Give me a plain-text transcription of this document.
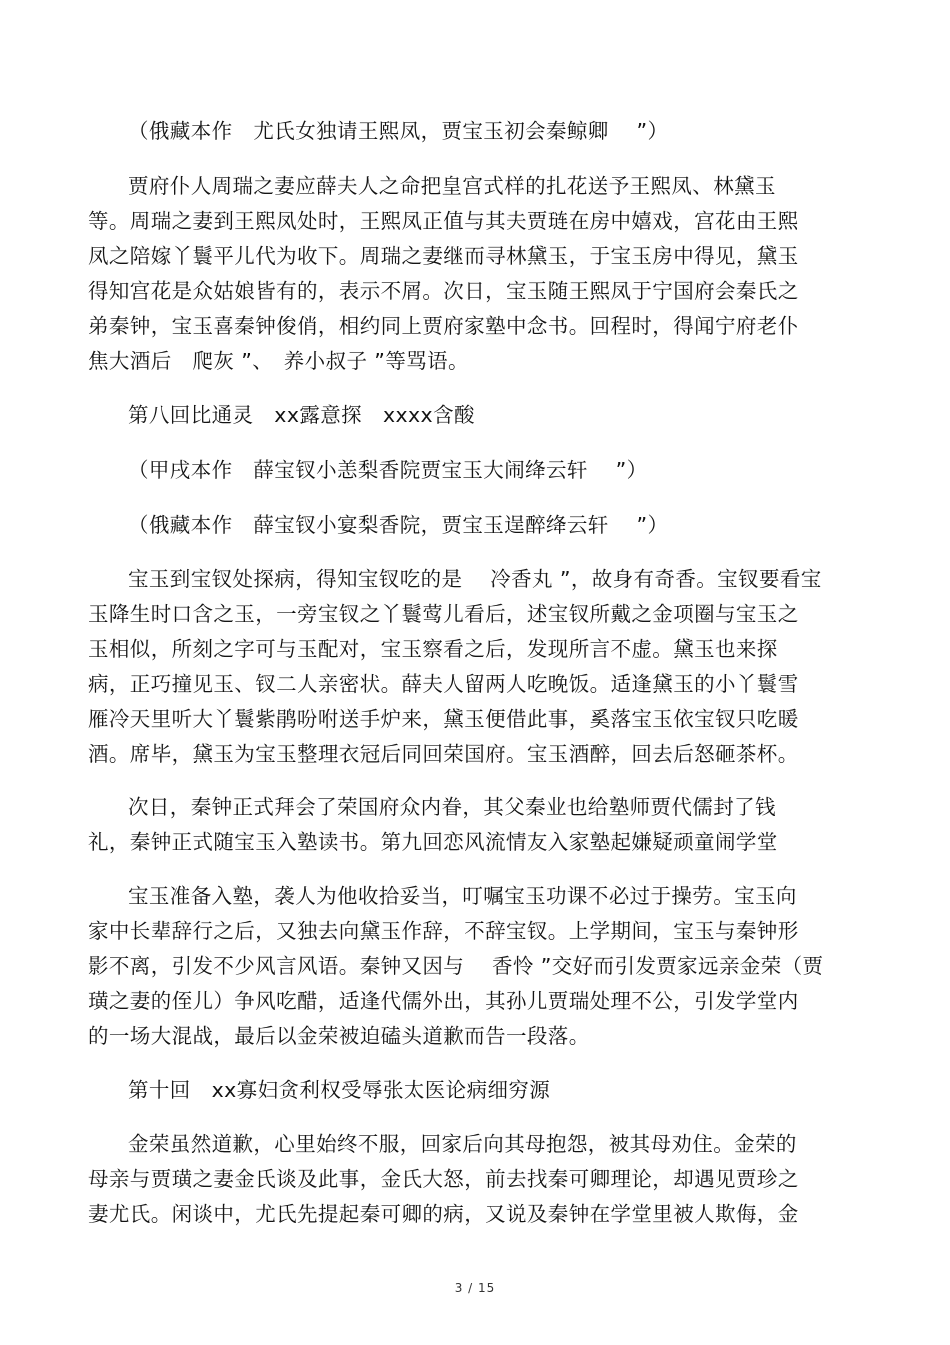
（俄藏本作　尤氏女独请王熙凤，贾宝玉初会秦鲸卿　 ”）
贾府仆人周瑞之妻应薛夫人之命把皇宫式样的扎花送予王熙凤、林黛玉
等。周瑞之妻到王熙凤处时，王熙凤正值与其夫贾琏在房中嬉戏，宫花由王熙
凤之陪嫁丫鬟平儿代为收下。周瑞之妻继而寻林黛玉，于宝玉房中得见，黛玉
得知宫花是众姑娘皆有的，表示不屑。次日，宝玉随王熙凤于宁国府会秦氏之
弟秦钟，宝玉喜秦钟俊俏，相约同上贾府家塾中念书。回程时，得闻宁府老仆
焦大酒后　爬灰 ”、　养小叔子 ”等骂语。
第八回比通灵　xx露意探　xxxx含酸
（甲戌本作　薛宝钗小恙梨香院贾宝玉大闹绛云轩　 ”）
（俄藏本作　薛宝钗小宴梨香院，贾宝玉逞醉绛云轩　 ”）
宝玉到宝钗处探病，得知宝钗吃的是　 冷香丸 ”，故身有奇香。宝钗要看宝
玉降生时口含之玉，一旁宝钗之丫鬟莺儿看后，述宝钗所戴之金项圈与宝玉之
玉相似，所刻之字可与玉配对，宝玉察看之后，发现所言不虚。黛玉也来探
病，正巧撞见玉、钗二人亲密状。薛夫人留两人吃晚饭。适逢黛玉的小丫鬟雪
雁冷天里听大丫鬟紫鹃吩咐送手炉来，黛玉便借此事，奚落宝玉依宝钗只吃暖
酒。席毕，黛玉为宝玉整理衣冠后同回荣国府。宝玉酒醉，回去后怒砸茶杯。
次日，秦钟正式拜会了荣国府众内眷，其父秦业也给塾师贾代儒封了钱
礼，秦钟正式随宝玉入塾读书。第九回恋风流情友入家塾起嫌疑顽童闹学堂
宝玉准备入塾，袭人为他收拾妥当，叮嘱宝玉功课不必过于操劳。宝玉向
家中长辈辞行之后，又独去向黛玉作辞，不辞宝钗。上学期间，宝玉与秦钟形
影不离，引发不少风言风语。秦钟又因与　 香怜 ”交好而引发贾家远亲金荣（贾
璜之妻的侄儿）争风吃醋，适逢代儒外出，其孙儿贾瑞处理不公，引发学堂内
的一场大混战，最后以金荣被迫磕头道歉而告一段落。
第十回　xx寡妇贪利权受辱张太医论病细穷源
金荣虽然道歉，心里始终不服，回家后向其母抱怨，被其母劝住。金荣的
母亲与贾璜之妻金氏谈及此事，金氏大怒，前去找秦可卿理论，却遇见贾珍之
妻尤氏。闲谈中，尤氏先提起秦可卿的病，又说及秦钟在学堂里被人欺侮，金
3 / 15
